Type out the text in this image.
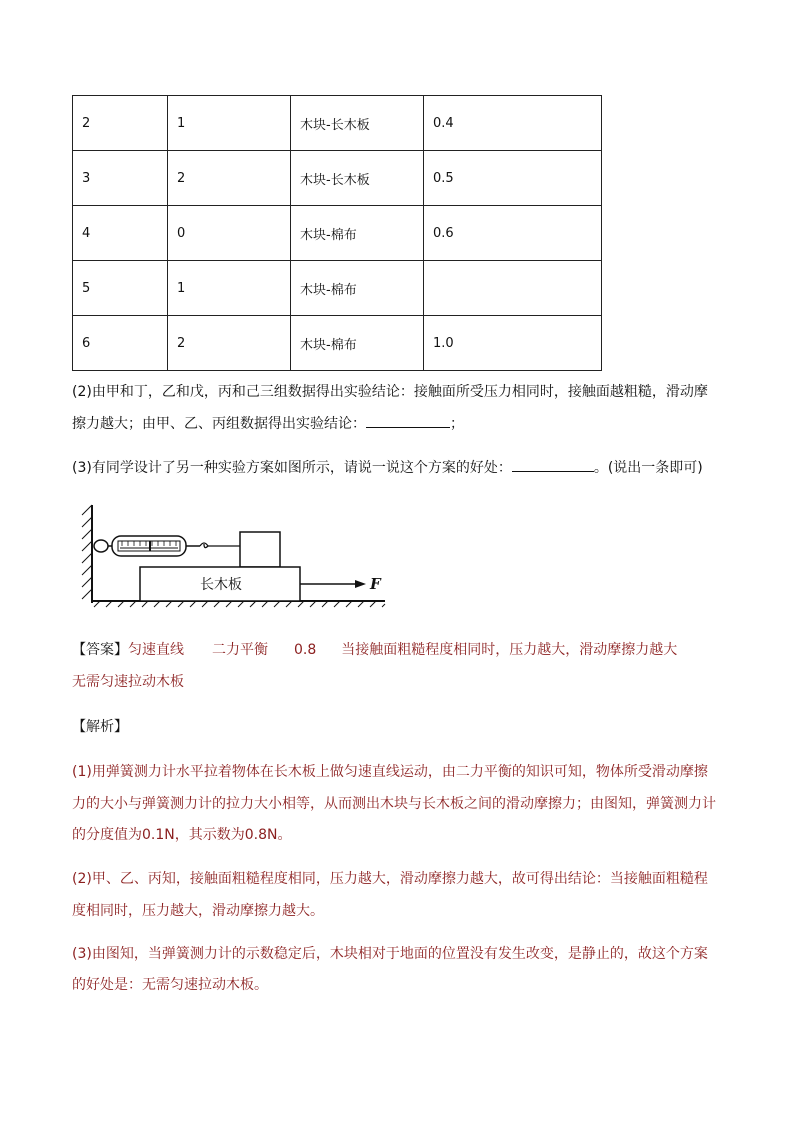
2	1	木块-长木板	0.4
3	2	木块-长木板	0.5
4	0	木块-棉布	0.6
5	1	木块-棉布	
6	2	木块-棉布	1.0
(2)由甲和丁，乙和戊，丙和己三组数据得出实验结论：接触面所受压力相同时，接触面越粗糙，滑动摩
擦力越大；由甲、乙、丙组数据得出实验结论：	；
(3)有同学设计了另一种实验方案如图所示，请说一说这个方案的好处：	。(说出一条即可)
长木板	F
【答案】匀速直线 二力平衡 0.8 当接触面粗糙程度相同时，压力越大，滑动摩擦力越大
无需匀速拉动木板
【解析】
(1)用弹簧测力计水平拉着物体在长木板上做匀速直线运动，由二力平衡的知识可知，物体所受滑动摩擦
力的大小与弹簧测力计的拉力大小相等，从而测出木块与长木板之间的滑动摩擦力；由图知，弹簧测力计
的分度值为0.1N，其示数为0.8N。
(2)甲、乙、丙知，接触面粗糙程度相同，压力越大，滑动摩擦力越大，故可得出结论：当接触面粗糙程
度相同时，压力越大，滑动摩擦力越大。
(3)由图知，当弹簧测力计的示数稳定后，木块相对于地面的位置没有发生改变，是静止的，故这个方案
的好处是：无需匀速拉动木板。
